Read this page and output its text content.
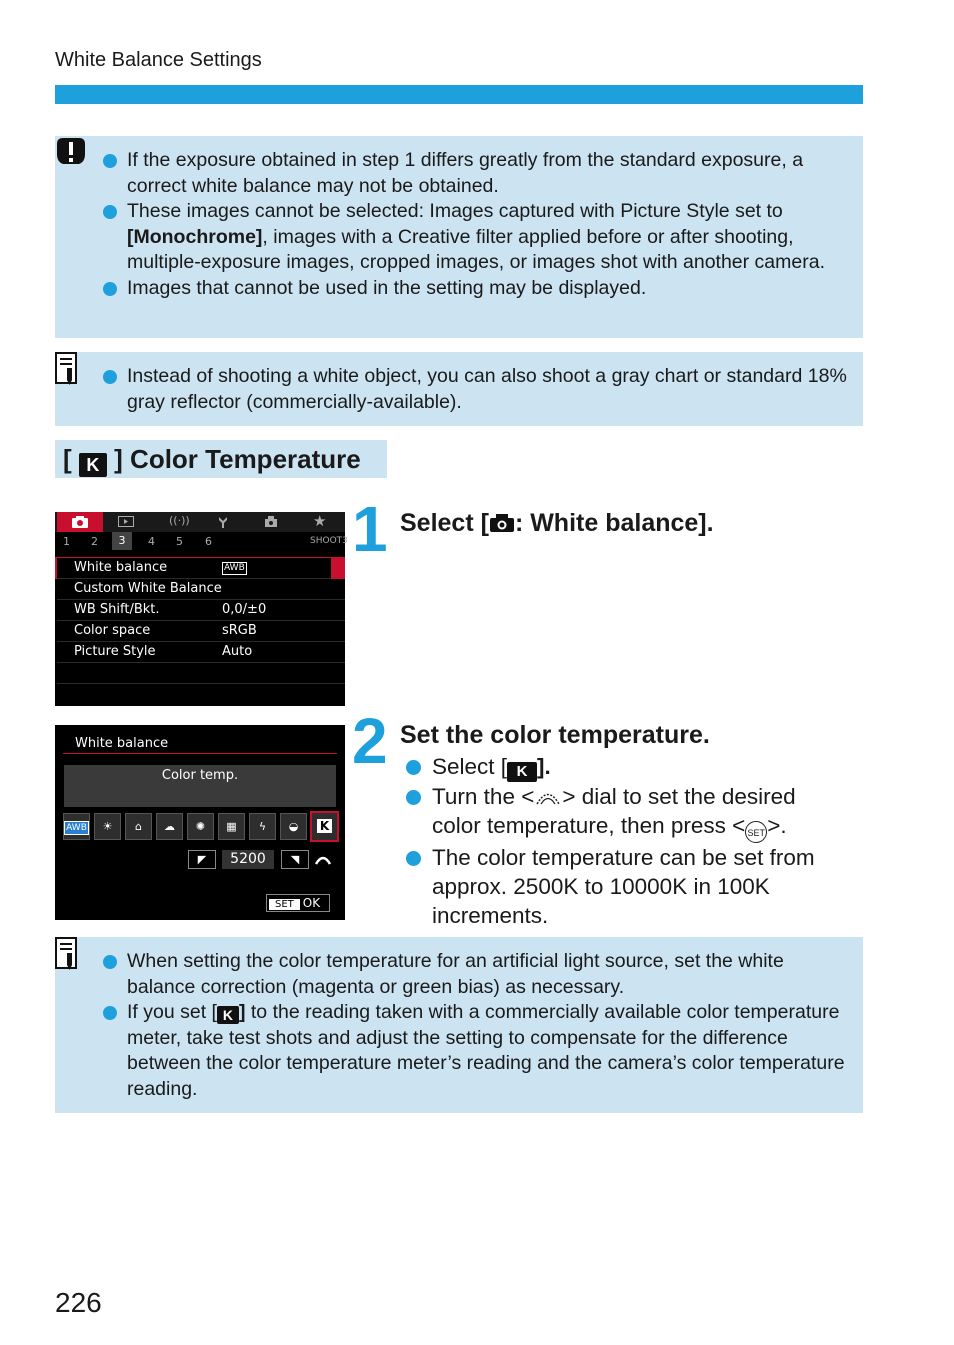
White Balance Settings
If the exposure obtained in step 1 differs greatly from the standard exposure, a correct white balance may not be obtained.
These images cannot be selected: Images captured with Picture Style set to [Monochrome], images with a Creative filter applied before or after shooting, multiple-exposure images, cropped images, or images shot with another camera.
Images that cannot be used in the setting may be displayed.
Instead of shooting a white object, you can also shoot a gray chart or standard 18% gray reflector (commercially-available).
[ K ] Color Temperature
((·))	★
1 2	3	4 5 6	SHOOT3
White balance	AWB
Custom White Balance
WB Shift/Bkt.	0,0/±0
Color space	sRGB
Picture Style	Auto
1 Select [ : White balance].
White balance
Color temp.
AWB	☀	⌂	☁	✺	▦	ϟ	◒	K
◤	5200	◥
SET OK
2 Set the color temperature.
Select [ K ].
Turn the < > dial to set the desired color temperature, then press < SET >.
The color temperature can be set from approx. 2500K to 10000K in 100K increments.
When setting the color temperature for an artificial light source, set the white balance correction (magenta or green bias) as necessary.
If you set [ K ] to the reading taken with a commercially available color temperature meter, take test shots and adjust the setting to compensate for the difference between the color temperature meter’s reading and the camera’s color temperature reading.
226
